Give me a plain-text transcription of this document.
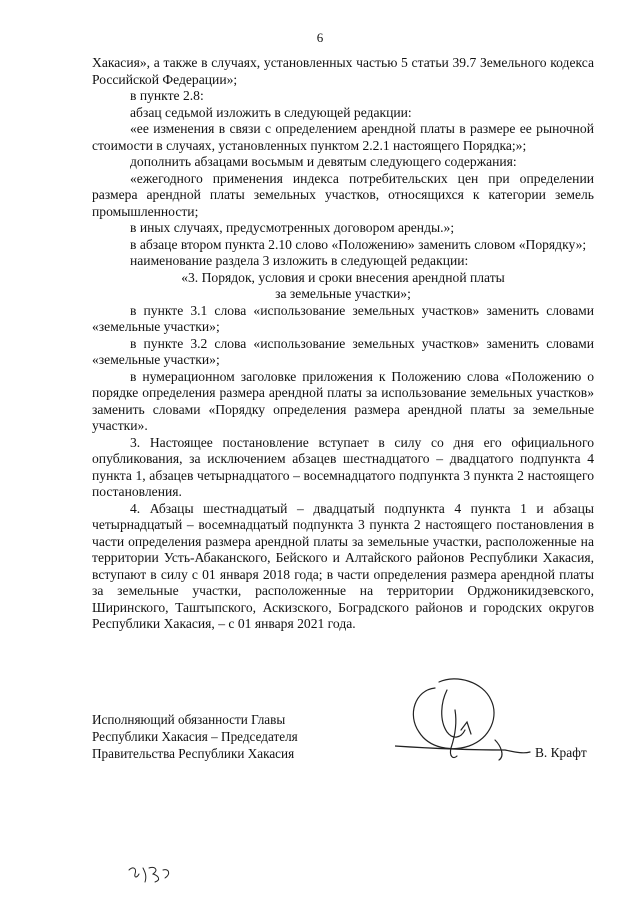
6

Хакасия», а также в случаях, установленных частью 5 статьи 39.7 Земельного кодекса Российской Федерации»;

в пункте 2.8:

абзац седьмой изложить в следующей редакции:

«ее изменения в связи с определением арендной платы в размере ее рыночной стоимости в случаях, установленных пунктом 2.2.1 настоящего Порядка;»;

дополнить абзацами восьмым и девятым следующего содержания:

«ежегодного применения индекса потребительских цен при определении размера арендной платы земельных участков, относящихся к категории земель промышленности;

в иных случаях, предусмотренных договором аренды.»;

в абзаце втором пункта 2.10 слово «Положению» заменить словом «Порядку»;

наименование раздела 3 изложить в следующей редакции:

«3. Порядок, условия и сроки внесения арендной платы

за земельные участки»;

в пункте 3.1 слова «использование земельных участков» заменить словами «земельные участки»;

в пункте 3.2 слова «использование земельных участков» заменить словами «земельные участки»;

в нумерационном заголовке приложения к Положению слова «Положению о порядке определения размера арендной платы за использование земельных участков» заменить словами «Порядку определения размера арендной платы за земельные участки».

3. Настоящее постановление вступает в силу со дня его официального опубликования, за исключением абзацев шестнадцатого – двадцатого подпункта 4 пункта 1, абзацев четырнадцатого – восемнадцатого подпункта 3 пункта 2 настоящего постановления.

4. Абзацы шестнадцатый – двадцатый подпункта 4 пункта 1 и абзацы четырнадцатый – восемнадцатый подпункта 3 пункта 2 настоящего постановления в части определения размера арендной платы за земельные участки, расположенные на территории Усть-Абаканского, Бейского и Алтайского районов Республики Хакасия, вступают в силу с 01 января 2018 года; в части определения размера арендной платы за земельные участки, расположенные на территории Орджоникидзевского, Ширинского, Таштыпского, Аскизского, Боградского районов и городских округов Республики Хакасия, – с 01 января 2021 года.

Исполняющий обязанности Главы
Республики Хакасия – Председателя
Правительства Республики Хакасия	В. Крафт
